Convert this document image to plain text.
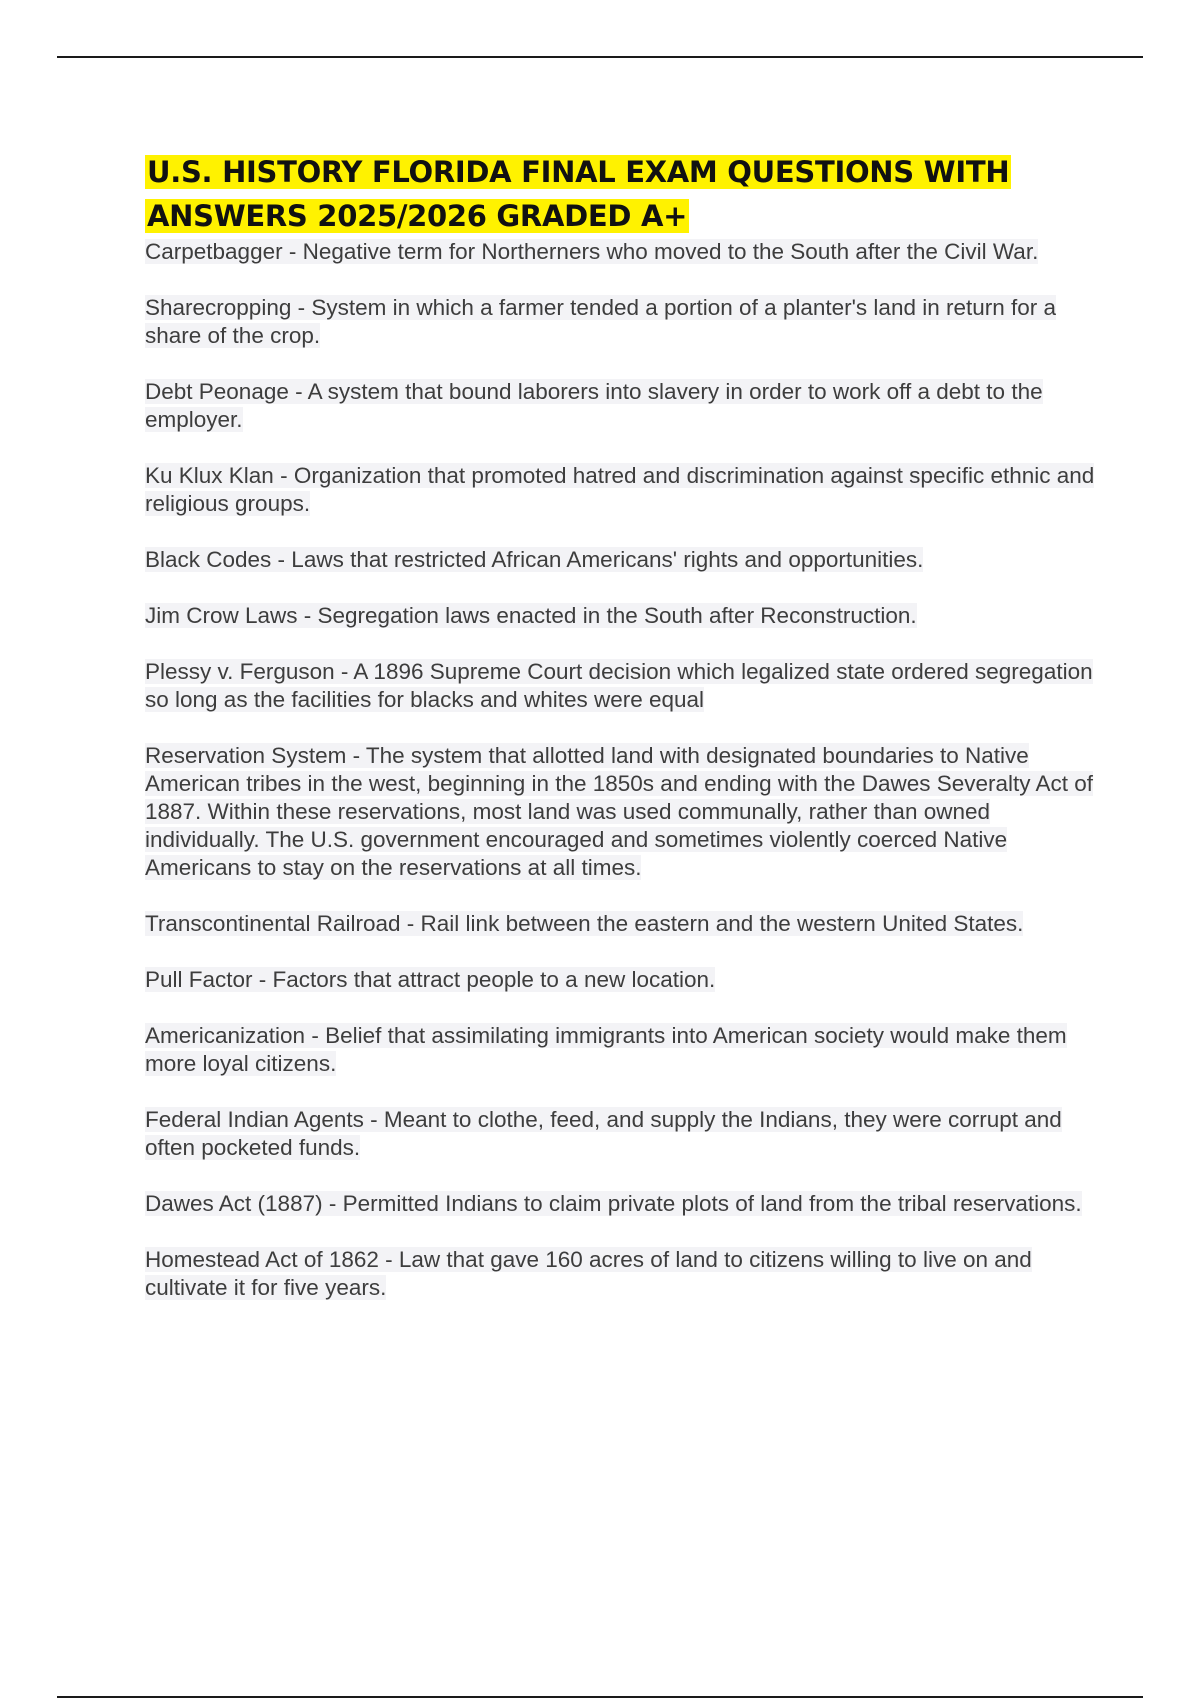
U.S. HISTORY FLORIDA FINAL EXAM QUESTIONS WITH ANSWERS 2025/2026 GRADED A+
Carpetbagger - Negative term for Northerners who moved to the South after the Civil War.
Sharecropping - System in which a farmer tended a portion of a planter's land in return for a share of the crop.
Debt Peonage - A system that bound laborers into slavery in order to work off a debt to the employer.
Ku Klux Klan - Organization that promoted hatred and discrimination against specific ethnic and religious groups.
Black Codes - Laws that restricted African Americans' rights and opportunities.
Jim Crow Laws - Segregation laws enacted in the South after Reconstruction.
Plessy v. Ferguson - A 1896 Supreme Court decision which legalized state ordered segregation so long as the facilities for blacks and whites were equal
Reservation System - The system that allotted land with designated boundaries to Native American tribes in the west, beginning in the 1850s and ending with the Dawes Severalty Act of 1887. Within these reservations, most land was used communally, rather than owned individually. The U.S. government encouraged and sometimes violently coerced Native Americans to stay on the reservations at all times.
Transcontinental Railroad - Rail link between the eastern and the western United States.
Pull Factor - Factors that attract people to a new location.
Americanization - Belief that assimilating immigrants into American society would make them more loyal citizens.
Federal Indian Agents - Meant to clothe, feed, and supply the Indians, they were corrupt and often pocketed funds.
Dawes Act (1887) - Permitted Indians to claim private plots of land from the tribal reservations.
Homestead Act of 1862 - Law that gave 160 acres of land to citizens willing to live on and cultivate it for five years.
